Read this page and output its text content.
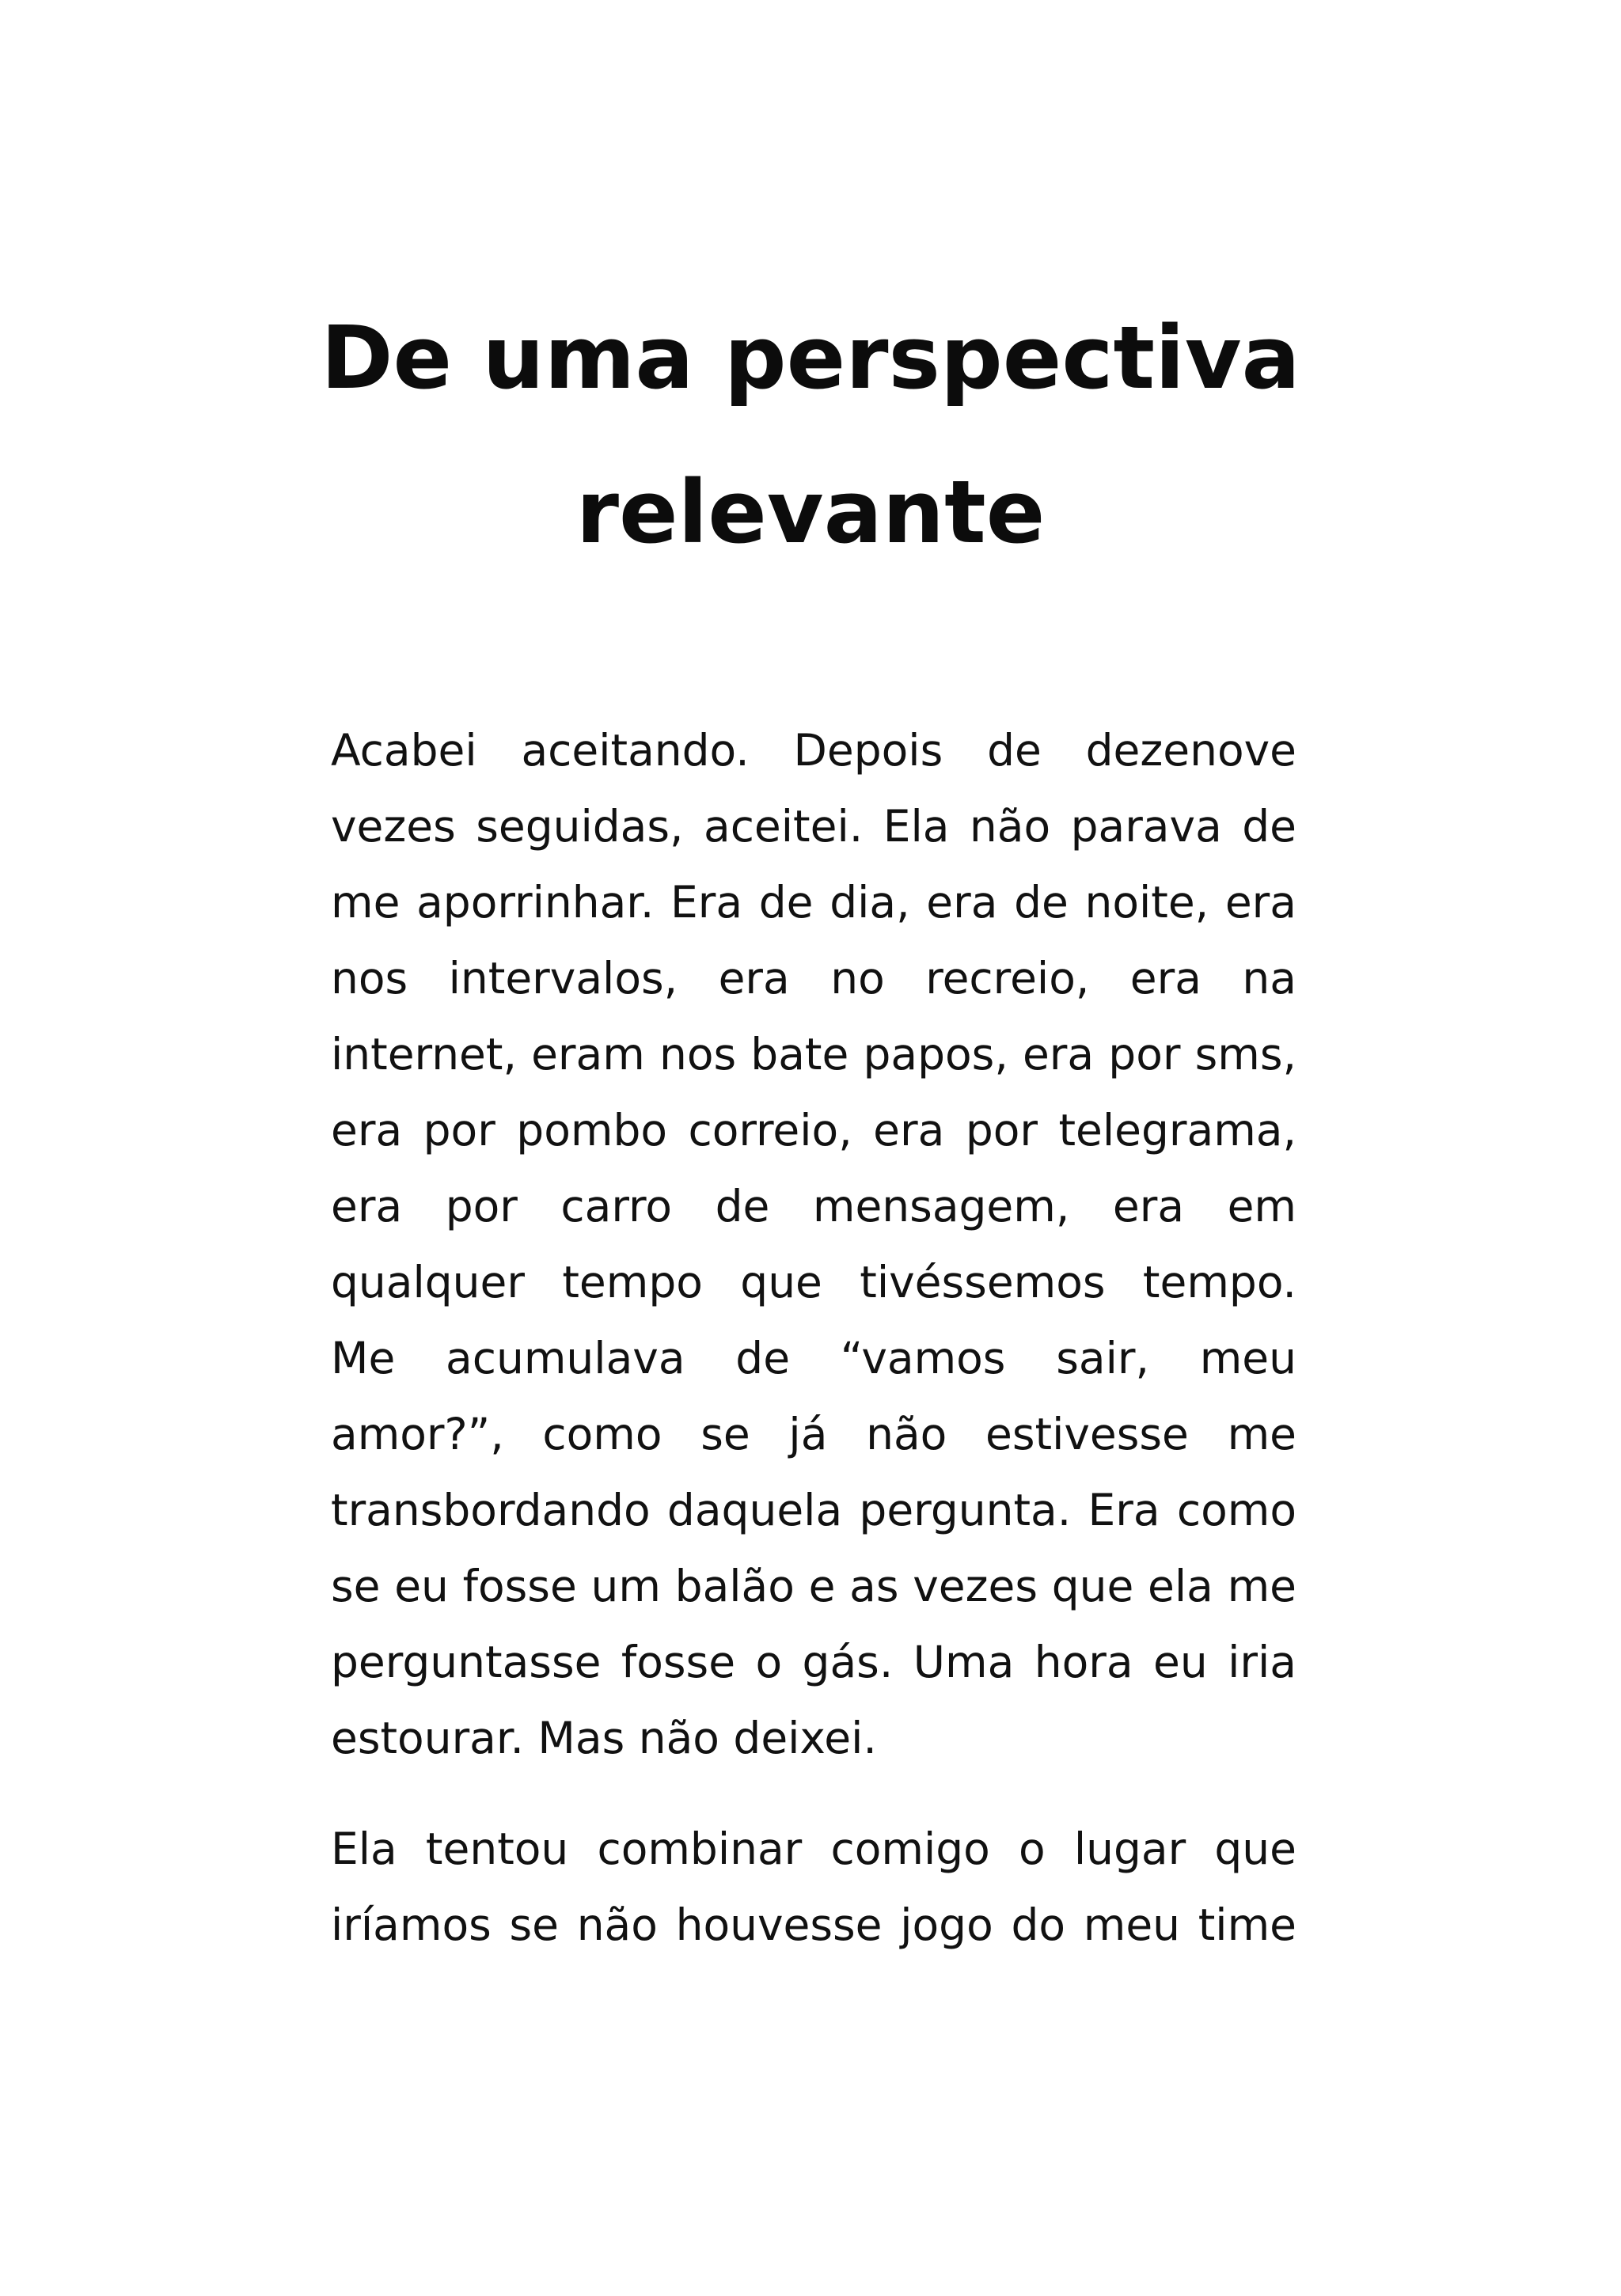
De uma perspectiva
relevante
Acabei aceitando. Depois de dezenove
vezes seguidas, aceitei. Ela não parava de
me aporrinhar. Era de dia, era de noite, era
nos intervalos, era no recreio, era na
internet, eram nos bate papos, era por sms,
era por pombo correio, era por telegrama,
era por carro de mensagem, era em
qualquer tempo que tivéssemos tempo.
Me acumulava de “vamos sair, meu
amor?”, como se já não estivesse me
transbordando daquela pergunta. Era como
se eu fosse um balão e as vezes que ela me
perguntasse fosse o gás. Uma hora eu iria
estourar. Mas não deixei.
Ela tentou combinar comigo o lugar que
iríamos se não houvesse jogo do meu time
